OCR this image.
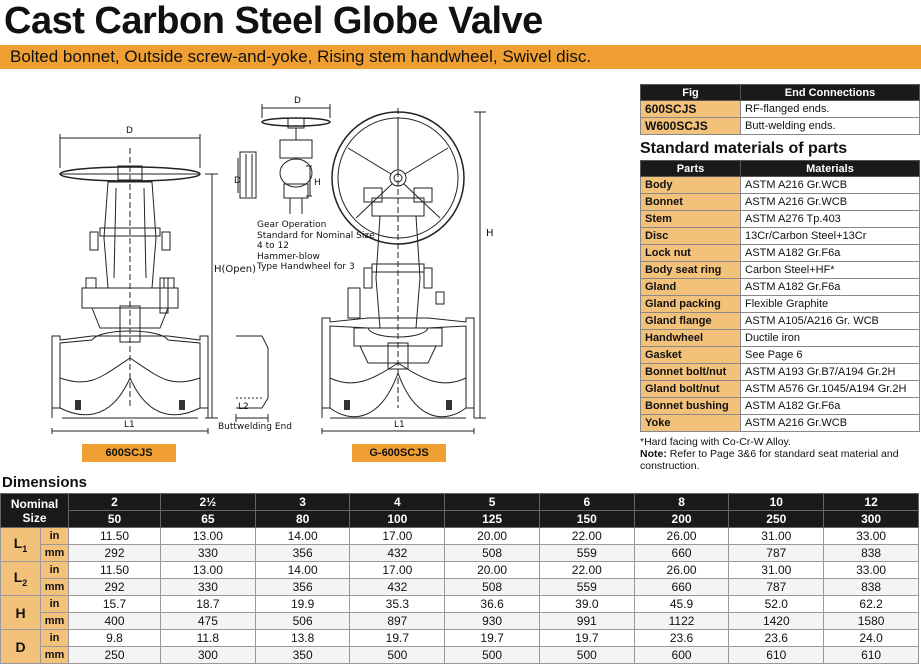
Cast Carbon Steel Globe Valve
Bolted bonnet, Outside screw-and-yoke, Rising stem handwheel, Swivel disc.
D
H(Open)
L1
D
D	H
L2
Buttwelding End
H
L1
Gear Operation
Standard for Nominal Size
4 to 12
Hammer-blow
Type Handwheel for 3
600SCJS	G-600SCJS
Fig	End Connections
600SCJS	RF-flanged ends.
W600SCJS	Butt-welding ends.
Standard materials of parts
Parts	Materials
Body	ASTM A216 Gr.WCB
Bonnet	ASTM A216 Gr.WCB
Stem	ASTM A276 Tp.403
Disc	13Cr/Carbon Steel+13Cr
Lock nut	ASTM A182 Gr.F6a
Body seat ring	Carbon Steel+HF*
Gland	ASTM A182 Gr.F6a
Gland packing	Flexible Graphite
Gland flange	ASTM A105/A216 Gr. WCB
Handwheel	Ductile iron
Gasket	See Page 6
Bonnet bolt/nut	ASTM A193 Gr.B7/A194 Gr.2H
Gland bolt/nut	ASTM A576 Gr.1045/A194 Gr.2H
Bonnet bushing	ASTM A182 Gr.F6a
Yoke	ASTM A216 Gr.WCB
*Hard facing with Co-Cr-W Alloy.
Note: Refer to Page 3&6 for standard seat material and construction.
Dimensions
Nominal
Size		2	2½	3	4	5	6	8	10	12
		50	65	80	100	125	150	200	250	300
$L_1$	in	11.50	13.00	14.00	17.00	20.00	22.00	26.00	31.00	33.00
	mm	292	330	356	432	508	559	660	787	838
$L_2$	in	11.50	13.00	14.00	17.00	20.00	22.00	26.00	31.00	33.00
	mm	292	330	356	432	508	559	660	787	838
H	in	15.7	18.7	19.9	35.3	36.6	39.0	45.9	52.0	62.2
	mm	400	475	506	897	930	991	1122	1420	1580
D	in	9.8	11.8	13.8	19.7	19.7	19.7	23.6	23.6	24.0
	mm	250	300	350	500	500	500	600	610	610
